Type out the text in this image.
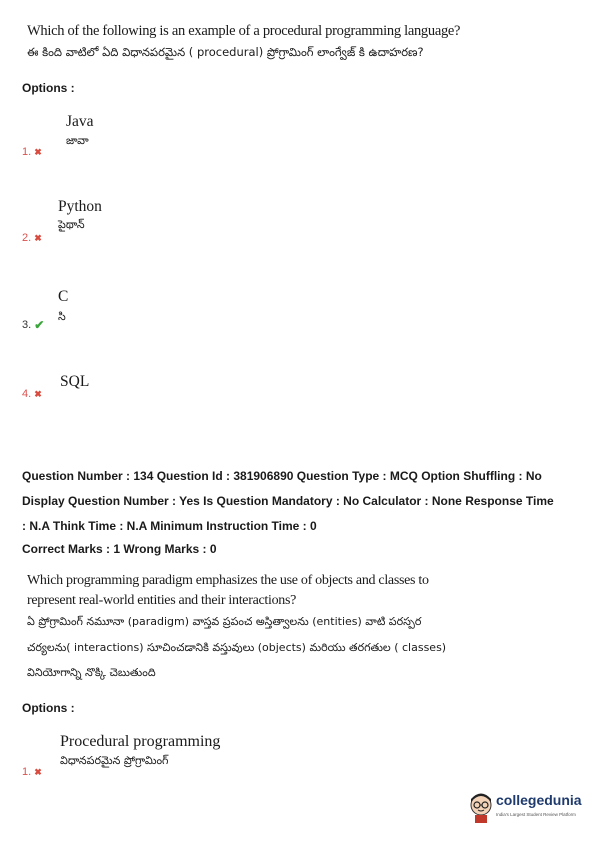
Which of the following is an example of a procedural programming language?
ఈ కింది వాటిలో ఏది విధానపరమైన ( procedural) ప్రోగ్రామింగ్ లాంగ్వేజ్ కి ఉదాహరణ?
Options :
Java
జావా
1. ✖
Python
పైథాన్
2. ✖
C
సి
3. ✔
SQL
4. ✖
Question Number : 134 Question Id : 381906890 Question Type : MCQ Option Shuffling : No
Display Question Number : Yes Is Question Mandatory : No Calculator : None Response Time
: N.A Think Time : N.A Minimum Instruction Time : 0
Correct Marks : 1 Wrong Marks : 0
Which programming paradigm emphasizes the use of objects and classes to
represent real-world entities and their interactions?
ఏ ప్రోగ్రామింగ్ నమూనా (paradigm) వాస్తవ ప్రపంచ అస్తిత్వాలను (entities) వాటి పరస్పర
చర్యలను( interactions) సూచించడానికి వస్తువులు (objects) మరియు తరగతుల ( classes)
వినియోగాన్ని నొక్కి చెబుతుంది
Options :
Procedural programming
విధానపరమైన ప్రోగ్రామింగ్
1. ✖
collegedunia
India's Largest Student Review Platform
